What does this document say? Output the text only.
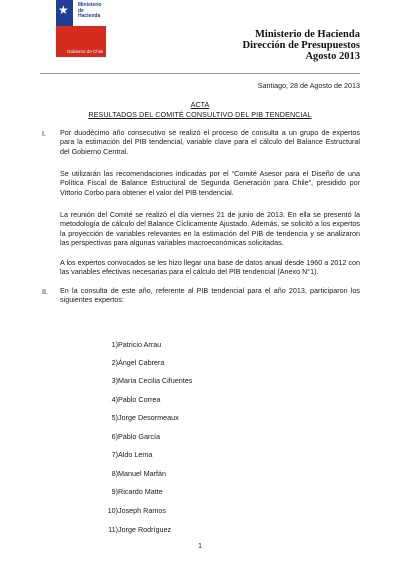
★ Ministerio de
Hacienda
Gobierno de Chile
Ministerio de Hacienda
Dirección de Presupuestos
Agosto 2013
Santiago, 28 de Agosto de 2013
ACTA
RESULTADOS DEL COMITÉ CONSULTIVO DEL PIB TENDENCIAL
I. Por duodécimo año consecutivo se realizó el proceso de consulta a un grupo de expertos para la estimación del PIB tendencial, variable clave para el cálculo del Balance Estructural del Gobierno Central.
Se utilizarán las recomendaciones indicadas por el “Comité Asesor para el Diseño de una Política Fiscal de Balance Estructural de Segunda Generación para Chile”, presidido por Vittorio Corbo para obtener el valor del PIB tendencial.
La reunión del Comité se realizó el día viernes 21 de junio de 2013. En ella se presentó la metodología de cálculo del Balance Cíclicamente Ajustado. Además, se solicitó a los expertos la proyección de variables relevantes en la estimación del PIB de tendencia y se analizaron las perspectivas para algunas variables macroeconómicas solicitadas.
A los expertos convocados se les hizo llegar una base de datos anual desde 1960 a 2012 con las variables efectivas necesarias para el cálculo del PIB tendencial (Anexo N°1).
II. En la consulta de este año, referente al PIB tendencial para el año 2013, participaron los siguientes expertos:
1) Patricio Arrau
2) Ángel Cabrera
3) María Cecilia Cifuentes
4) Pablo Correa
5) Jorge Desormeaux
6) Pablo García
7) Aldo Lema
8) Manuel Marfán
9) Ricardo Matte
10) Joseph Ramos
11) Jorge Rodríguez
1
